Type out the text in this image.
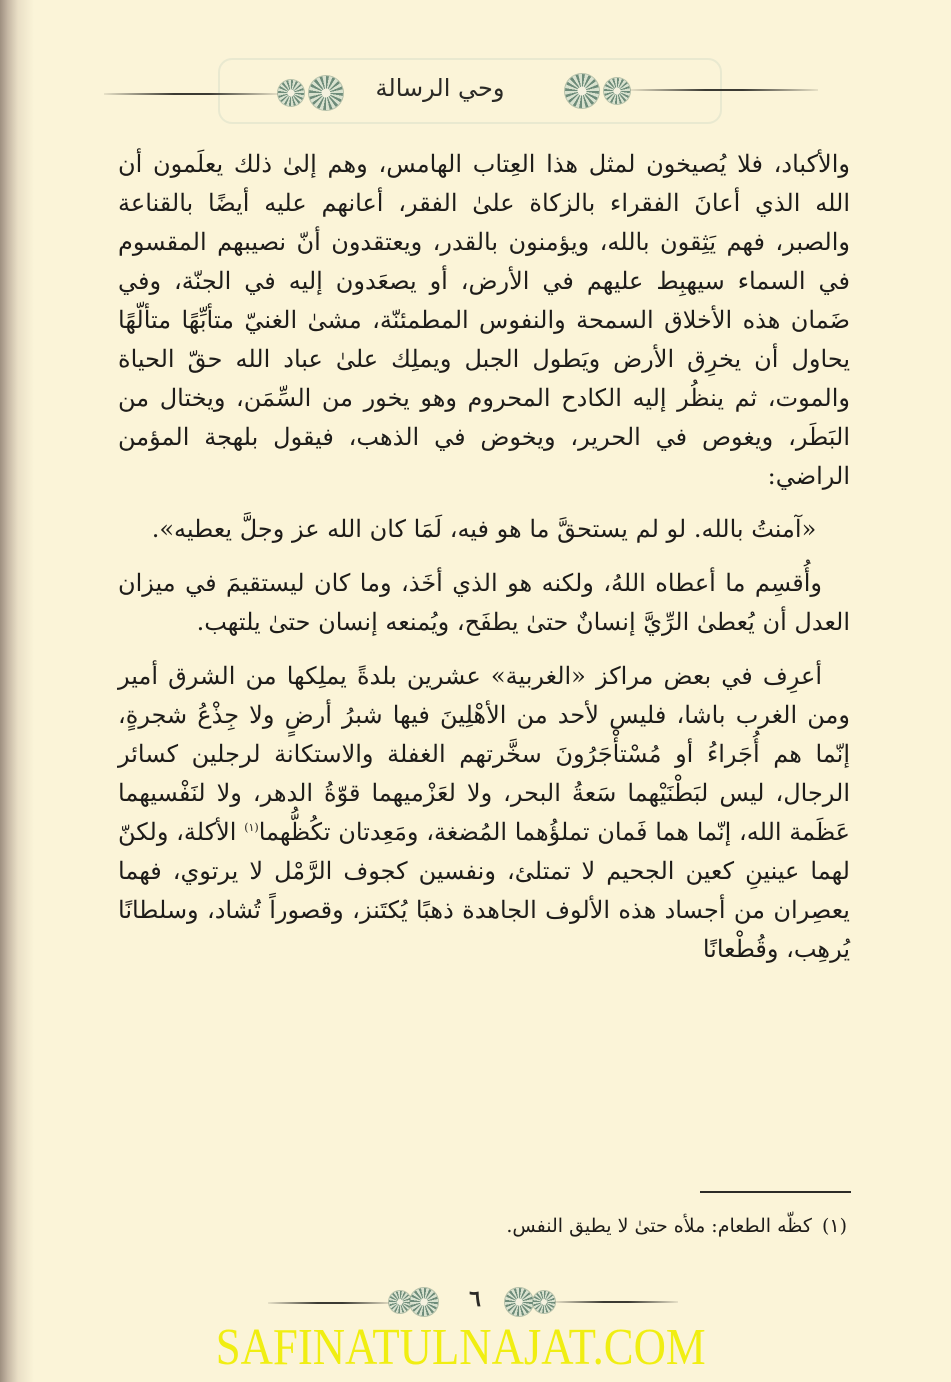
وحي الرسالة

والأكباد، فلا يُصيخون لمثل هذا العِتاب الهامس، وهم إلىٰ ذلك يعلَمون أن الله الذي أعانَ الفقراء بالزكاة علىٰ الفقر، أعانهم عليه أيضًا بالقناعة والصبر، فهم يَثِقون بالله، ويؤمنون بالقدر، ويعتقدون أنّ نصيبهم المقسوم في السماء سيهبِط عليهم في الأرض، أو يصعَدون إليه في الجنّة، وفي ضَمان هذه الأخلاق السمحة والنفوس المطمئنّة، مشىٰ الغنيّ متأبِّهًا متألّهًا يحاول أن يخرِق الأرض ويَطول الجبل ويملِك علىٰ عباد الله حقّ الحياة والموت، ثم ينظُر إليه الكادح المحروم وهو يخور من السِّمَن، ويختال من البَطَر، ويغوص في الحرير، ويخوض في الذهب، فيقول بلهجة المؤمن الراضي:

«آمنتُ بالله. لو لم يستحقَّ ما هو فيه، لَمَا كان الله عز وجلَّ يعطيه».

وأُقسِم ما أعطاه اللهُ، ولكنه هو الذي أخَذ، وما كان ليستقيمَ في ميزان العدل أن يُعطىٰ الرِّيَّ إنسانٌ حتىٰ يطفَح، ويُمنعه إنسان حتىٰ يلتهب.

أعرِف في بعض مراكز «الغربية» عشرين بلدةً يملِكها من الشرق أمير ومن الغرب باشا، فليس لأحد من الأهْلِينَ فيها شبرُ أرضٍ ولا جِذْعُ شجرةٍ، إنّما هم أُجَراءُ أو مُسْتأْجَرُونَ سخَّرتهم الغفلة والاستكانة لرجلين كسائر الرجال، ليس لبَطْنَيْهما سَعةُ البحر، ولا لعَزْميهما قوّةُ الدهر، ولا لنَفْسيهما عَظَمة الله، إنّما هما فَمان تملؤُهما المُضغة، ومَعِدتان تكُظُّهما$^{(١)}$ الأكلة، ولكنّ لهما عينينِ كعين الجحيم لا تمتلئ، ونفسين كجوف الرَّمْل لا يرتوي، فهما يعصِران من أجساد هذه الألوف الجاهدة ذهبًا يُكتَنز، وقصوراً تُشاد، وسلطانًا يُرهِب، وقُطْعانًا

(١)كظّه الطعام: ملأه حتىٰ لا يطيق النفس.
٦
SAFINATULNAJAT.COM
